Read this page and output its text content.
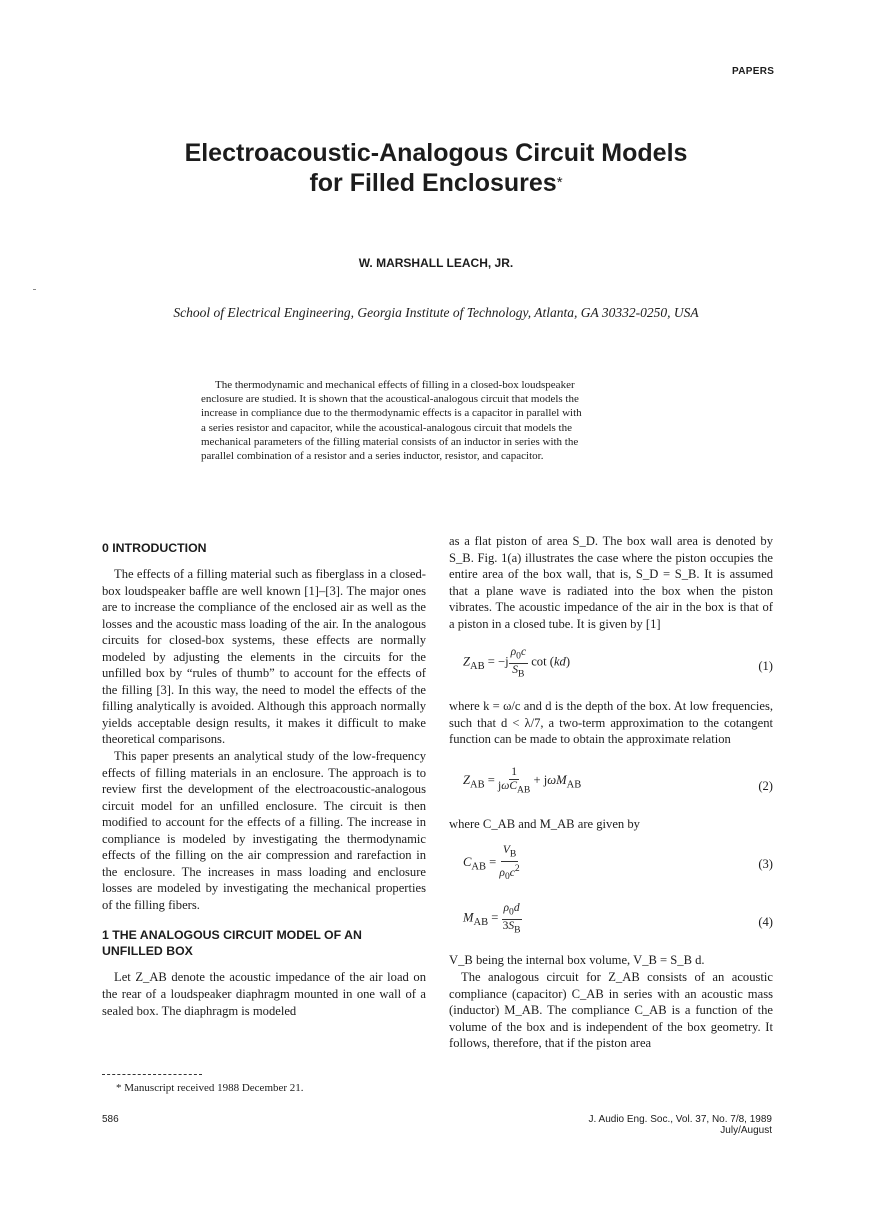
PAPERS
Electroacoustic-Analogous Circuit Models
for Filled Enclosures*
W. MARSHALL LEACH, JR.
School of Electrical Engineering, Georgia Institute of Technology, Atlanta, GA 30332-0250, USA
The thermodynamic and mechanical effects of filling in a closed-box loudspeaker
enclosure are studied. It is shown that the acoustical-analogous circuit that models the
increase in compliance due to the thermodynamic effects is a capacitor in parallel with
a series resistor and capacitor, while the acoustical-analogous circuit that models the
mechanical parameters of the filling material consists of an inductor in series with the
parallel combination of a resistor and a series inductor, resistor, and capacitor.

0 INTRODUCTION

The effects of a filling material such as fiberglass in a closed-box loudspeaker baffle are well known [1]–[3]. The major ones are to increase the compliance of the enclosed air as well as the losses and the acoustic mass loading of the air. In the analogous circuits for closed-box systems, these effects are normally modeled by adjusting the elements in the circuits for the unfilled box by “rules of thumb” to account for the effects of the filling [3]. In this way, the need to model the effects of the filling analytically is avoided. Although this approach normally yields acceptable design results, it makes it difficult to make theoretical comparisons.

This paper presents an analytical study of the low-frequency effects of filling materials in an enclosure. The approach is to review first the development of the electroacoustic-analogous circuit model for an unfilled enclosure. The circuit is then modified to account for the effects of a filling. The increase in compliance is modeled by investigating the thermodynamic effects of the filling on the air compression and rarefaction in the enclosure. The increases in mass loading and enclosure losses are modeled by investigating the mechanical properties of the filling fibers.

1 THE ANALOGOUS CIRCUIT MODEL OF AN

UNFILLED BOX

Let Z_AB denote the acoustic impedance of the air load on the rear of a loudspeaker diaphragm mounted in one wall of a sealed box. The diaphragm is modeled

as a flat piston of area S_D. The box wall area is denoted by S_B. Fig. 1(a) illustrates the case where the piston occupies the entire area of the box wall, that is, S_D = S_B. It is assumed that a plane wave is radiated into the box when the piston vibrates. The acoustic impedance of the air in the box is that of a piston in a closed tube. It is given by [1]

$Z_{AB} = -j \frac{\rho_0c}{S_B}$ cot (kd)	(1)

where k = ω/c and d is the depth of the box. At low frequencies, such that d < λ/7, a two-term approximation to the cotangent function can be made to obtain the approximate relation

$Z_{AB} = \frac{1}{j\omega C_{AB}} + j\omega M_{AB}$	(2)

where C_AB and M_AB are given by

$C_{AB} = \frac{V_B}{\rho_0c^2}$	(3)
$M_{AB} = \frac{\rho_0d}{3S_B}$	(4)

V_B being the internal box volume, V_B = S_B d.

The analogous circuit for Z_AB consists of an acoustic compliance (capacitor) C_AB in series with an acoustic mass (inductor) M_AB. The compliance C_AB is a function of the volume of the box and is independent of the box geometry. It follows, therefore, that if the piston area

* Manuscript received 1988 December 21.
586	J. Audio Eng. Soc., Vol. 37, No. 7/8, 1989 July/August
